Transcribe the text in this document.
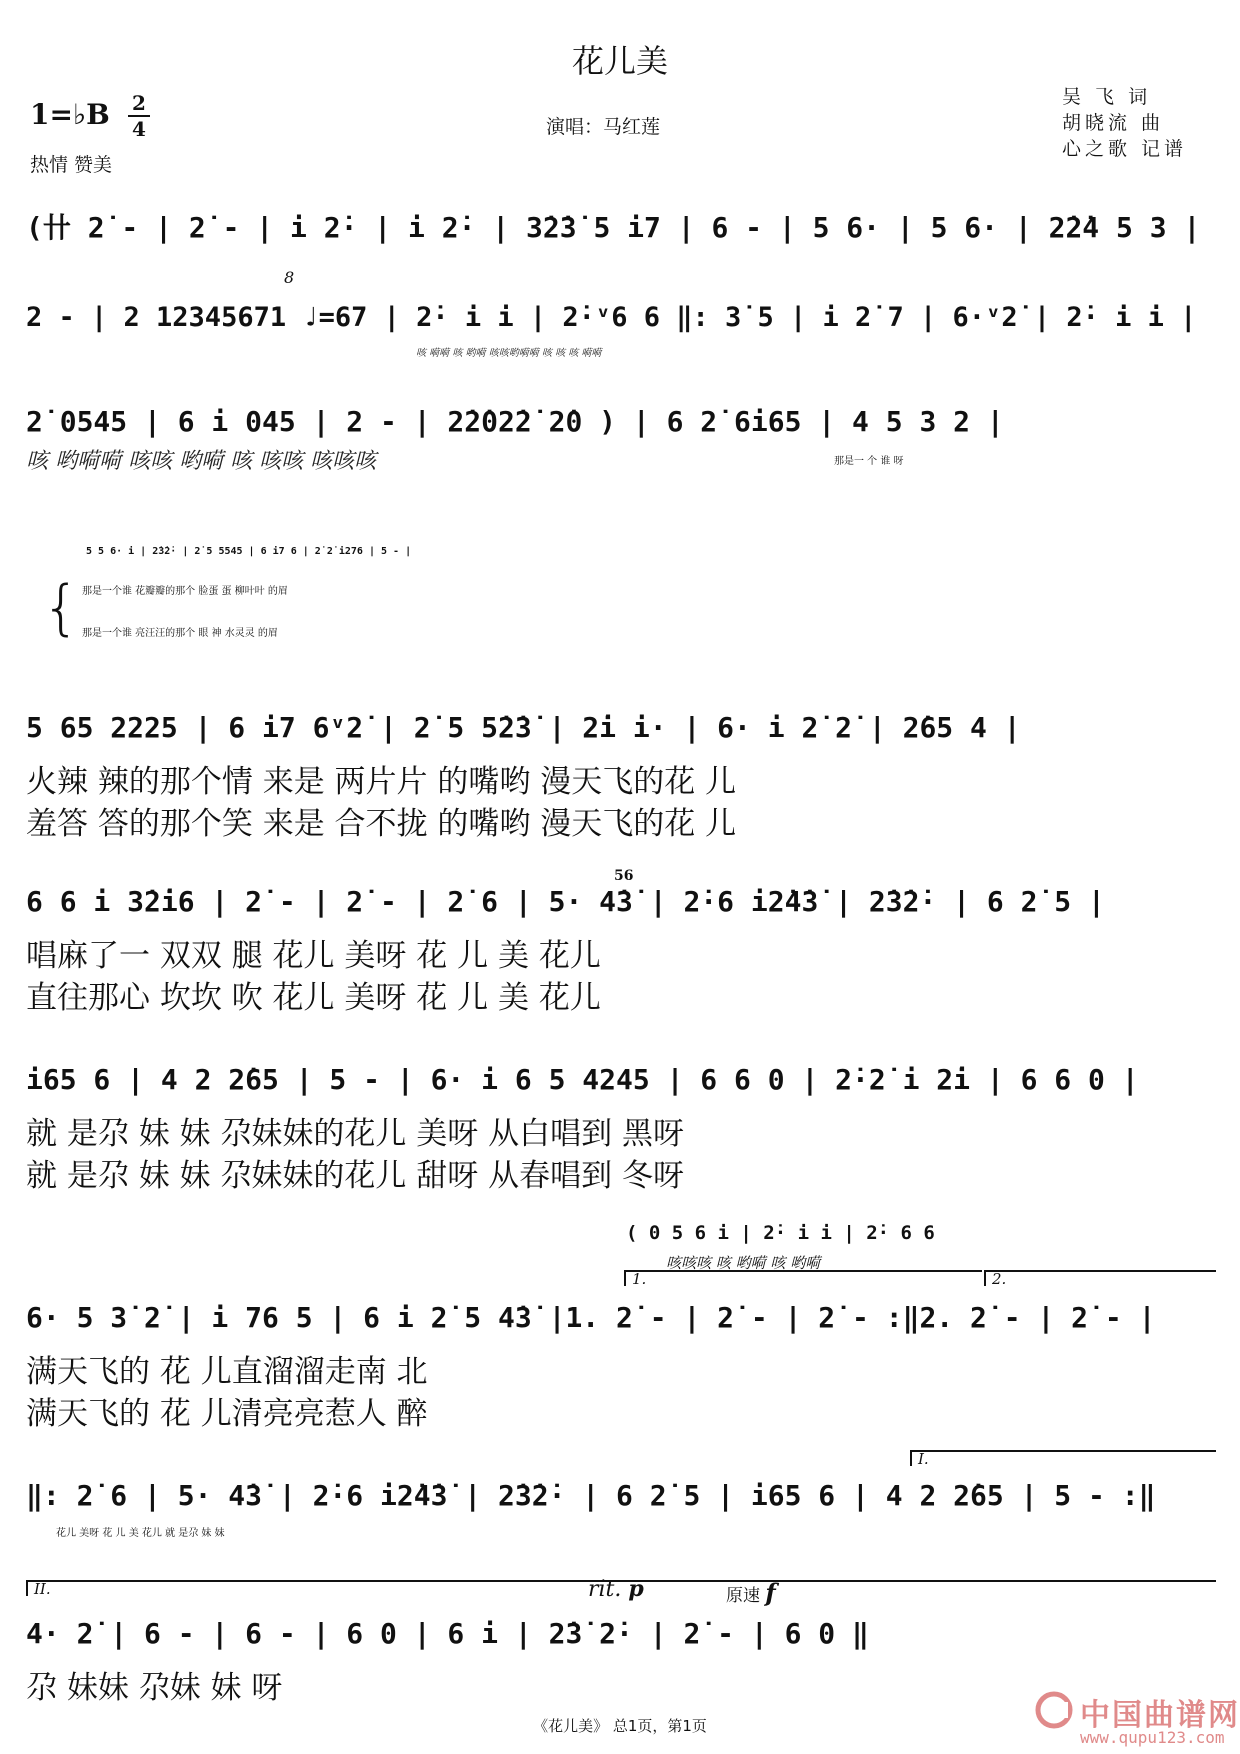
花儿美
1=♭B 2
4
热情 赞美
演唱：马红莲
吴 飞 词
胡晓流 曲
心之歌 记谱
(卄 2̇ - | 2̇ - | i 2̇· | i 2̇· | 3̇2̇3̇ 5 i7 | 6 - | 5 6· | 5 6· | 2̇2̇4 5 3 |
8
2 - | 2 12345671 ♩=67 | 2̇· i i | 2̇·ᵛ6 6 ‖: 3̇ 5 | i 2̇ 7 | 6·ᵛ2̇ | 2̇· i i |
咳 嗬嗬 咳 哟嗬 咳咳哟嗬嗬 咳 咳 咳 嗬嗬
2̇ 0545 | 6 i 045 | 2 - | 2̇2̇02̇2̇ 2̇0 ) | 6 2̇ 6i65 | 4 5 3 2 |
咳 哟嗬嗬 咳咳 哟嗬 咳 咳咳 咳咳咳	那是一 个 谁 呀
5 5 6· i | 2̇3̇2̇· | 2̇ 5 5545 | 6 i7 6 | 2̇ 2̇ i276 | 5 - |
{ 那是一个谁 花瓣瓣的那个 脸蛋 蛋 柳叶叶 的眉
那是一个谁 亮汪汪的那个 眼 神 水灵灵 的眉
5 65 2225 | 6 i7 6ᵛ2̇ | 2̇ 5 5̇2̇3̇ | 2̇i i· | 6· i 2̇ 2̇ | 2̇65 4 |
火辣 辣的那个情 来是 两片片 的嘴哟 漫天飞的花 儿
羞答 答的那个笑 来是 合不拢 的嘴哟 漫天飞的花 儿
56
6 6 i 3̇2̇i6 | 2̇ - | 2̇ - | 2̇ 6 | 5· 4̇3̇ | 2̇·6 i2̇4̇3̇ | 2̇3̇2̇· | 6 2̇ 5 |
唱麻了一 双双 腿 花儿 美呀 花 儿 美 花儿
直往那心 坎坎 吹 花儿 美呀 花 儿 美 花儿
i65 6 | 4 2 2̇65 | 5 - | 6· i 6 5 4245 | 6 6 0 | 2̇·2̇ i 2̇i | 6 6 0 |
就 是尕 妹 妹 尕妹妹的花儿 美呀 从白唱到 黑呀
就 是尕 妹 妹 尕妹妹的花儿 甜呀 从春唱到 冬呀
( 0 5 6 i | 2̇· i i | 2̇· 6 6
咳咳咳 咳 哟嗬 咳 哟嗬
1.	2.
6· 5 3̇ 2̇ | i 76 5 | 6 i 2̇ 5 4̇3̇ |1. 2̇ - | 2̇ - | 2̇ - :‖2. 2̇ - | 2̇ - |
满天飞的 花 儿直溜溜走南 北
满天飞的 花 儿清亮亮惹人 醉
I.
‖: 2̇ 6 | 5· 4̇3̇ | 2̇·6 i2̇4̇3̇ | 2̇3̇2̇· | 6 2̇ 5 | i65 6 | 4 2 2̇65 | 5 - :‖
花儿 美呀 花 儿 美 花儿 就 是尕 妹 妹
II.	rit. p	原速 f
4· 2̇ | 6 - | 6 - | 6 0 | 6 i | 2̇3̇ 2̇· | 2̇ - | 6 0 ‖
尕 妹妹 尕妹 妹 呀
《花儿美》 总1页，第1页	中国曲谱网
www.qupu123.com
